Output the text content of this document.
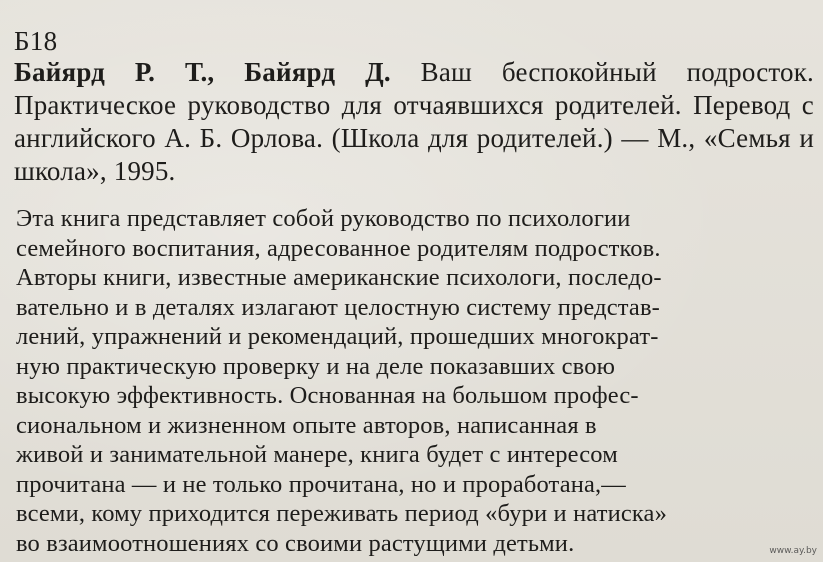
Б18

Байярд Р. Т., Байярд Д. Ваш беспокойный подросток. Практическое руководство для отчаявшихся родителей. Перевод с английского А. Б. Орлова. (Школа для родителей.) — М., «Семья и школа», 1995.

Эта книга представляет собой руководство по психологии
семейного воспитания, адресованное родителям подростков.
Авторы книги, известные американские психологи, последо-
вательно и в деталях излагают целостную систему представ-
лений, упражнений и рекомендаций, прошедших многократ-
ную практическую проверку и на деле показавших свою
высокую эффективность. Основанная на большом профес-
сиональном и жизненном опыте авторов, написанная в
живой и занимательной манере, книга будет с интересом
прочитана — и не только прочитана, но и проработана,—
всеми, кому приходится переживать период «бури и натиска»
во взаимоотношениях со своими растущими детьми.	www.ay.by
